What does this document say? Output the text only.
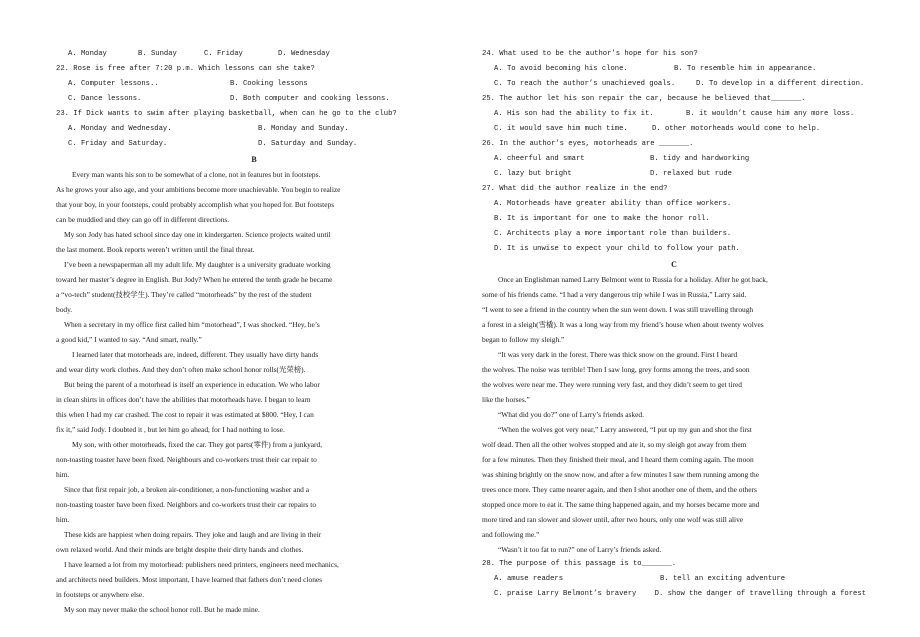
A. Monday	B. Sunday	C. Friday	D. Wednesday
22. Rose is free after 7:20 p.m. Which lessons can she take?
A. Computer lessons..	B. Cooking lessons
C. Dance lessons.	D. Both computer and cooking lessons.
23. If Dick wants to swim after playing basketball, when can he go to the club?
A. Monday and Wednesday.	B. Monday and Sunday.
C. Friday and Saturday.	D. Saturday and Sunday.
B
Every man wants his son to be somewhat of a clone, not in features but in footsteps.
As he grows your also age, and your ambitions become more unachievable. You begin to realize
that your boy, in your footsteps, could probably accomplish what you hoped for. But footsteps
can be muddied and they can go off in different directions.
My son Jody has hated school since day one in kindergarten. Science projects waited until
the last moment. Book reports weren’t written until the final threat.
I’ve been a newspaperman all my adult life. My daughter is a university graduate working
toward her master’s degree in English. But Jody? When he entered the tenth grade he became
a “vo-tech” student(技校学生). They’re called “motorheads” by the rest of the student
body.
When a secretary in my office first called him “motorhead”, I was shocked. “Hey, he’s
a good kid,” I wanted to say. “And smart, really.”
I learned later that motorheads are, indeed, different. They usually have dirty hands
and wear dirty work clothes. And they don’t often make school honor rolls(光荣榜).
But being the parent of a motorhead is itself an experience in education. We who labor
in clean shirts in offices don’t have the abilities that motorheads have. I began to learn
this when I had my car crashed. The cost to repair it was estimated at $800. “Hey, I can
fix it,” said Jody. I doubted it , but let him go ahead, for I had nothing to lose.
My son, with other motorheads, fixed the car. They got parts(零件) from a junkyard,
non-toasting toaster have been fixed. Neighbours and co-workers trust their car repair to
him.
Since that first repair job, a broken air-conditioner, a non-functioning washer and a
non-toasting toaster have been fixed. Neighbors and co-workers trust their car repairs to
him.
These kids are happiest when doing repairs. They joke and laugh and are living in their
own relaxed world. And their minds are bright despite their dirty hands and clothes.
I have learned a lot from my motorhead: publishers need printers, engineers need mechanics,
and architects need builders. Most important, I have learned that fathers don’t need clones
in footsteps or anywhere else.
My son may never make the school honor roll. But he made mine.
24. What used to be the author’s hope for his son?
A. To avoid becoming his clone.	B. To resemble him in appearance.
C. To reach the author’s unachieved goals.	D. To develop in a different direction.
25. The author let his son repair the car, because he believed that_______.
A. His son had the ability to fix it.	B. it wouldn’t cause him any more loss.
C. it would save him much time.	D. other motorheads would come to help.
26. In the author’s eyes, motorheads are _______.
A. cheerful and smart	B. tidy and hardworking
C. lazy but bright	D. relaxed but rude
27. What did the author realize in the end?
A. Motorheads have greater ability than office workers.
B. It is important for one to make the honor roll.
C. Architects play a more important role than builders.
D. It is unwise to expect your child to follow your path.
C
Once an Englishman named Larry Belmont went to Russia for a holiday. After he got back,
some of his friends came. “I had a very dangerous trip while I was in Russia,” Larry said.
“I went to see a friend in the country when the sun went down. I was still travelling through
a forest in a sleigh(雪橇). It was a long way from my friend’s house when about twenty wolves
began to follow my sleigh.”
“It was very dark in the forest. There was thick snow on the ground. First I heard
the wolves. The noise was terrible! Then I saw long, grey forms among the trees, and soon
the wolves were near me. They were running very fast, and they didn’t seem to get tired
like the horses.”
“What did you do?” one of Larry’s friends asked.
“When the wolves got very near,” Larry answered, “I put up my gun and shot the first
wolf dead. Then all the other wolves stopped and ate it, so my sleigh got away from them
for a few minutes. Then they finished their meal, and I heard them coming again. The moon
was shining brightly on the snow now, and after a few minutes I saw them running among the
trees once more. They came nearer again, and then I shot another one of them, and the others
stopped once more to eat it. The same thing happened again, and my horses became more and
more tired and ran slower and slower until, after two hours, only one wolf was still alive
and following me.”
“Wasn’t it too fat to run?” one of Larry’s friends asked.
28. The purpose of this passage is to_______.
A. amuse readers	B. tell an exciting adventure
C. praise Larry Belmont’s bravery	D. show the danger of travelling through a forest
